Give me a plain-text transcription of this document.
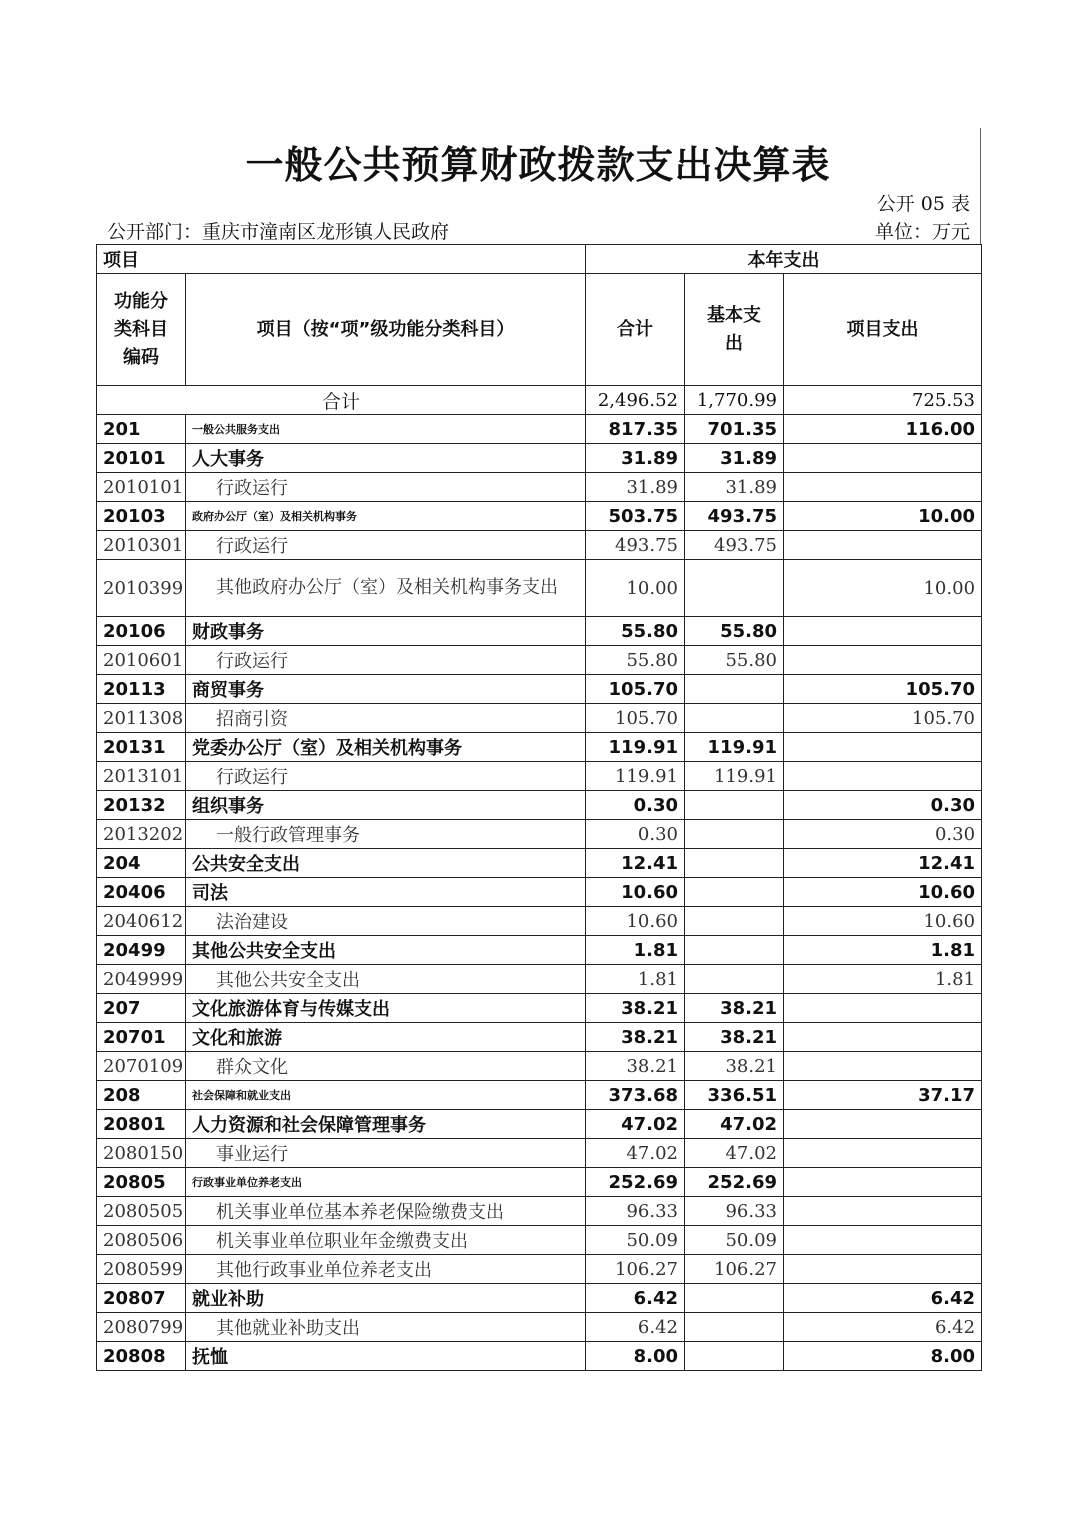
一般公共预算财政拨款支出决算表
公开 05 表
公开部门：重庆市潼南区龙形镇人民政府	单位：万元
项目		本年支出		
功能分类科目编码	项目（按“项”级功能分类科目）	合计	基本支出	项目支出
合计		2,496.52	1,770.99	725.53
201	一般公共服务支出	817.35	701.35	116.00
20101	人大事务	31.89	31.89	
2010101	行政运行	31.89	31.89	
20103	政府办公厅（室）及相关机构事务	503.75	493.75	10.00
2010301	行政运行	493.75	493.75	
2010399	其他政府办公厅（室）及相关机构事务支出	10.00		10.00
20106	财政事务	55.80	55.80	
2010601	行政运行	55.80	55.80	
20113	商贸事务	105.70		105.70
2011308	招商引资	105.70		105.70
20131	党委办公厅（室）及相关机构事务	119.91	119.91	
2013101	行政运行	119.91	119.91	
20132	组织事务	0.30		0.30
2013202	一般行政管理事务	0.30		0.30
204	公共安全支出	12.41		12.41
20406	司法	10.60		10.60
2040612	法治建设	10.60		10.60
20499	其他公共安全支出	1.81		1.81
2049999	其他公共安全支出	1.81		1.81
207	文化旅游体育与传媒支出	38.21	38.21	
20701	文化和旅游	38.21	38.21	
2070109	群众文化	38.21	38.21	
208	社会保障和就业支出	373.68	336.51	37.17
20801	人力资源和社会保障管理事务	47.02	47.02	
2080150	事业运行	47.02	47.02	
20805	行政事业单位养老支出	252.69	252.69	
2080505	机关事业单位基本养老保险缴费支出	96.33	96.33	
2080506	机关事业单位职业年金缴费支出	50.09	50.09	
2080599	其他行政事业单位养老支出	106.27	106.27	
20807	就业补助	6.42		6.42
2080799	其他就业补助支出	6.42		6.42
20808	抚恤	8.00		8.00
